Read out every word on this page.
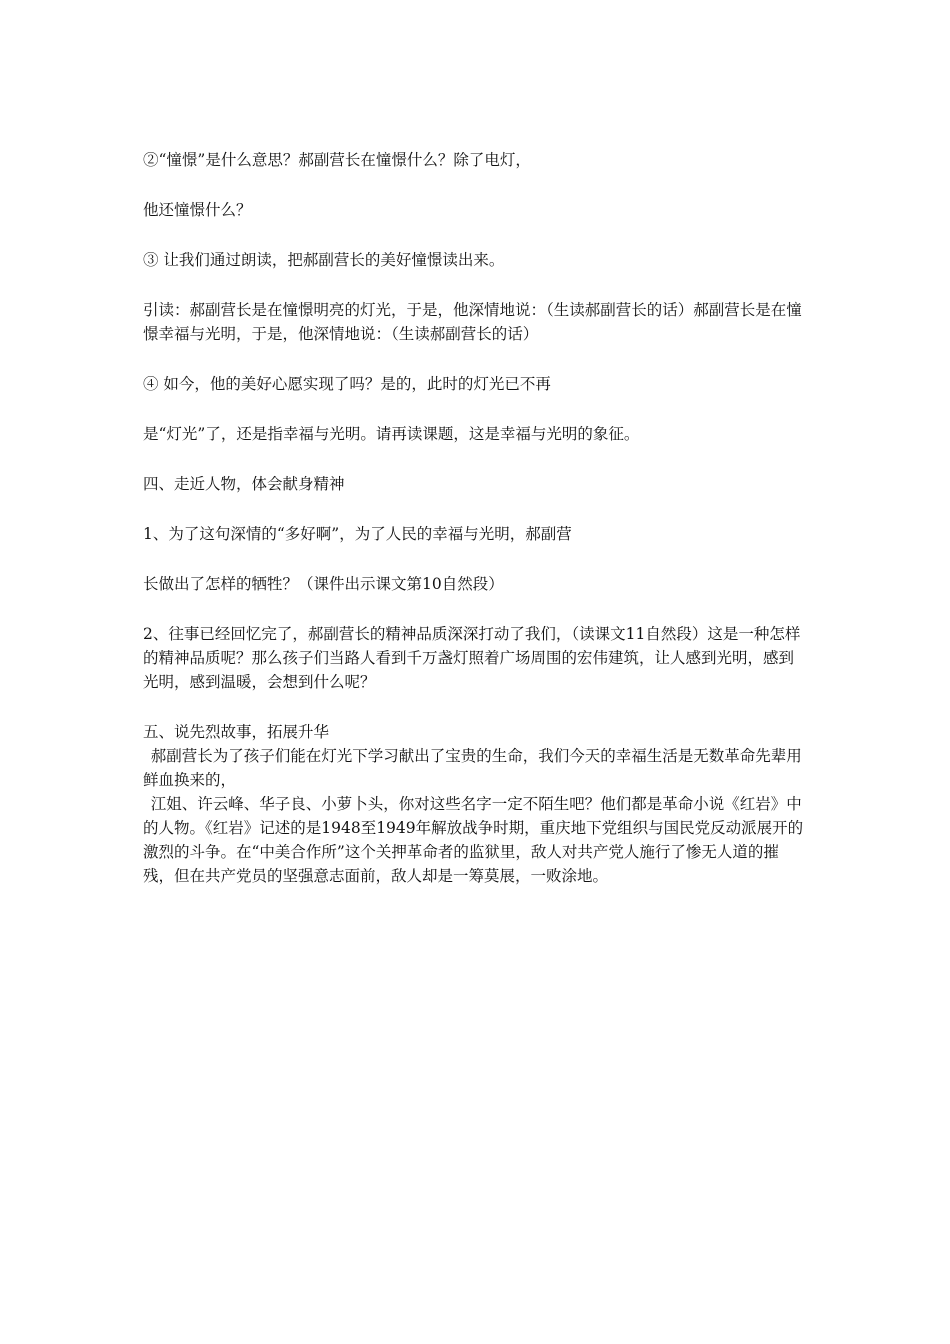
②“憧憬”是什么意思？郝副营长在憧憬什么？除了电灯，

他还憧憬什么？

③ 让我们通过朗读，把郝副营长的美好憧憬读出来。

引读：郝副营长是在憧憬明亮的灯光，于是，他深情地说：（生读郝副营长的话）郝副营长是在憧憬幸福与光明，于是，他深情地说：（生读郝副营长的话）

④ 如今，他的美好心愿实现了吗？是的，此时的灯光已不再

是“灯光”了，还是指幸福与光明。请再读课题，这是幸福与光明的象征。

四、走近人物，体会献身精神

1、为了这句深情的“多好啊”，为了人民的幸福与光明，郝副营

长做出了怎样的牺牲？（课件出示课文第10自然段）

2、往事已经回忆完了，郝副营长的精神品质深深打动了我们，（读课文11自然段）这是一种怎样的精神品质呢？那么孩子们当路人看到千万盏灯照着广场周围的宏伟建筑，让人感到光明，感到光明，感到温暖，会想到什么呢？

五、说先烈故事，拓展升华

郝副营长为了孩子们能在灯光下学习献出了宝贵的生命，我们今天的幸福生活是无数革命先辈用鲜血换来的，

江姐、许云峰、华子良、小萝卜头，你对这些名字一定不陌生吧？他们都是革命小说《红岩》中的人物。《红岩》记述的是1948至1949年解放战争时期，重庆地下党组织与国民党反动派展开的激烈的斗争。在“中美合作所”这个关押革命者的监狱里，敌人对共产党人施行了惨无人道的摧残，但在共产党员的坚强意志面前，敌人却是一筹莫展，一败涂地。
